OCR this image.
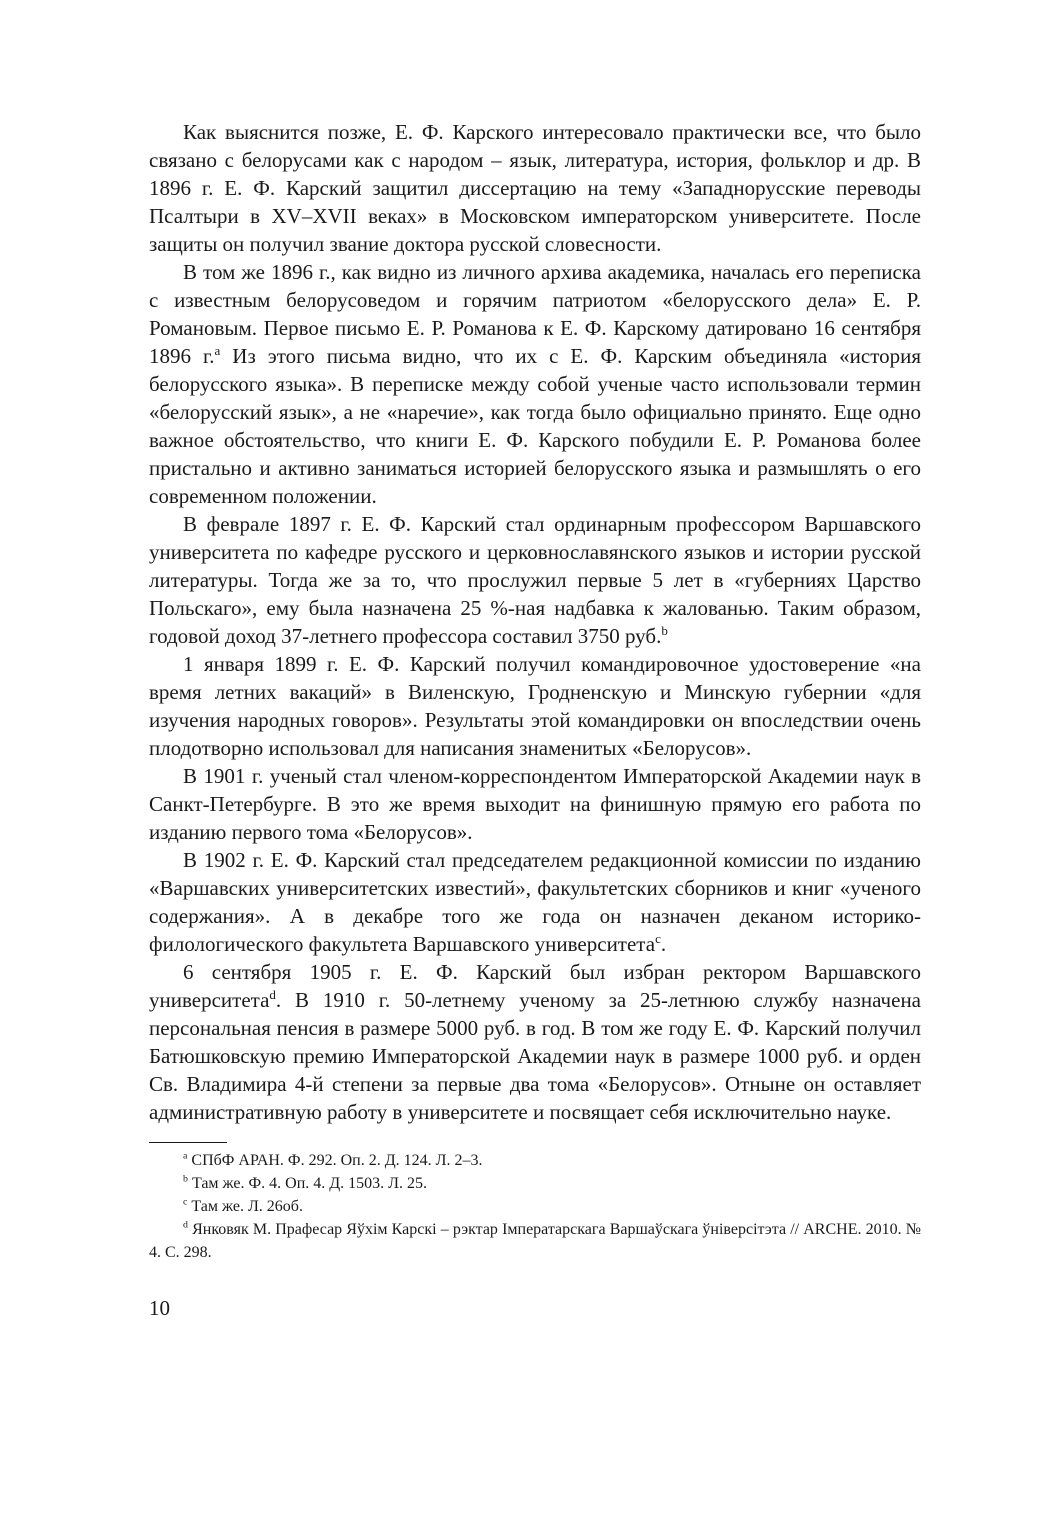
Как выяснится позже, Е. Ф. Карского интересовало практически все, что было связано с белорусами как с народом – язык, литература, история, фольклор и др. В 1896 г. Е. Ф. Карский защитил диссертацию на тему «Западнорусские переводы Псалтыри в XV–XVII веках» в Московском императорском университете. После защиты он получил звание доктора русской словесности.

В том же 1896 г., как видно из личного архива академика, началась его переписка с известным белорусоведом и горячим патриотом «белорусского дела» Е. Р. Романовым. Первое письмо Е. Р. Романова к Е. Ф. Карскому датировано 16 сентября 1896 г.$^a$ Из этого письма видно, что их с Е. Ф. Карским объединяла «история белорусского языка». В переписке между собой ученые часто использовали термин «белорусский язык», а не «наречие», как тогда было официально принято. Еще одно важное обстоятельство, что книги Е. Ф. Карского побудили Е. Р. Романова более пристально и активно заниматься историей белорусского языка и размышлять о его современном положении.

В феврале 1897 г. Е. Ф. Карский стал ординарным профессором Варшавского университета по кафедре русского и церковнославянского языков и истории русской литературы. Тогда же за то, что прослужил первые 5 лет в «губерниях Царство Польскаго», ему была назначена 25 %-ная надбавка к жалованью. Таким образом, годовой доход 37-летнего профессора составил 3750 руб.$^b$

1 января 1899 г. Е. Ф. Карский получил командировочное удостоверение «на время летних вакаций» в Виленскую, Гродненскую и Минскую губернии «для изучения народных говоров». Результаты этой командировки он впоследствии очень плодотворно использовал для написания знаменитых «Белорусов».

В 1901 г. ученый стал членом-корреспондентом Императорской Академии наук в Санкт-Петербурге. В это же время выходит на финишную прямую его работа по изданию первого тома «Белорусов».

В 1902 г. Е. Ф. Карский стал председателем редакционной комиссии по изданию «Варшавских университетских известий», факультетских сборников и книг «ученого содержания». А в декабре того же года он назначен деканом историко-филологического факультета Варшавского университета$^c$.

6 сентября 1905 г. Е. Ф. Карский был избран ректором Варшавского университета$^d$. В 1910 г. 50-летнему ученому за 25-летнюю службу назначена персональная пенсия в размере 5000 руб. в год. В том же году Е. Ф. Карский получил Батюшковскую премию Императорской Академии наук в размере 1000 руб. и орден Св. Владимира 4-й степени за первые два тома «Белорусов». Отныне он оставляет административную работу в университете и посвящает себя исключительно науке.

$^a$ СПбФ АРАН. Ф. 292. Оп. 2. Д. 124. Л. 2–3.

$^b$ Там же. Ф. 4. Оп. 4. Д. 1503. Л. 25.

$^c$ Там же. Л. 26об.

$^d$ Янковяк М. Прафесар Яўхім Карскі – рэктар Імператарскага Варшаўскага ўніверсітэта // ARCHE. 2010. № 4. С. 298.

10
